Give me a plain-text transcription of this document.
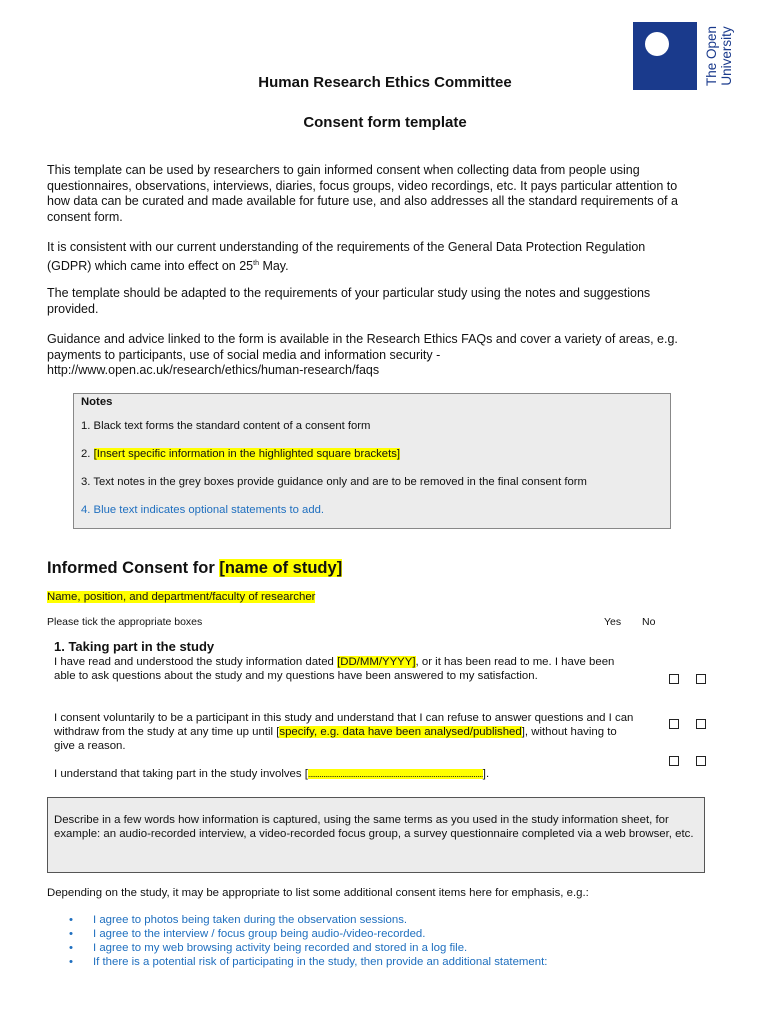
The Open University
Human Research Ethics Committee
Consent form template
This template can be used by researchers to gain informed consent when collecting data from people using questionnaires, observations, interviews, diaries, focus groups, video recordings, etc. It pays particular attention to how data can be curated and made available for future use, and also addresses all the standard requirements of a consent form.
It is consistent with our current understanding of the requirements of the General Data Protection Regulation (GDPR) which came into effect on 25th May.
The template should be adapted to the requirements of your particular study using the notes and suggestions provided.
Guidance and advice linked to the form is available in the Research Ethics FAQs and cover a variety of areas, e.g. payments to participants, use of social media and information security - http://www.open.ac.uk/research/ethics/human-research/faqs
Notes
1. Black text forms the standard content of a consent form
2. [Insert specific information in the highlighted square brackets]
3. Text notes in the grey boxes provide guidance only and are to be removed in the final consent form
4. Blue text indicates optional statements to add.
Informed Consent for [name of study]
Name, position, and department/faculty of researcher
Please tick the appropriate boxes	Yes No
1. Taking part in the study
I have read and understood the study information dated [DD/MM/YYYY], or it has been read to me. I have been able to ask questions about the study and my questions have been answered to my satisfaction.
I consent voluntarily to be a participant in this study and understand that I can refuse to answer questions and I can withdraw from the study at any time up until [specify, e.g. data have been analysed/published], without having to give a reason.
I understand that taking part in the study involves [............................................................................................].
Describe in a few words how information is captured, using the same terms as you used in the study information sheet, for example: an audio-recorded interview, a video-recorded focus group, a survey questionnaire completed via a web browser, etc.
Depending on the study, it may be appropriate to list some additional consent items here for emphasis, e.g.:
• I agree to photos being taken during the observation sessions.
• I agree to the interview / focus group being audio-/video-recorded.
• I agree to my web browsing activity being recorded and stored in a log file.
• If there is a potential risk of participating in the study, then provide an additional statement:
